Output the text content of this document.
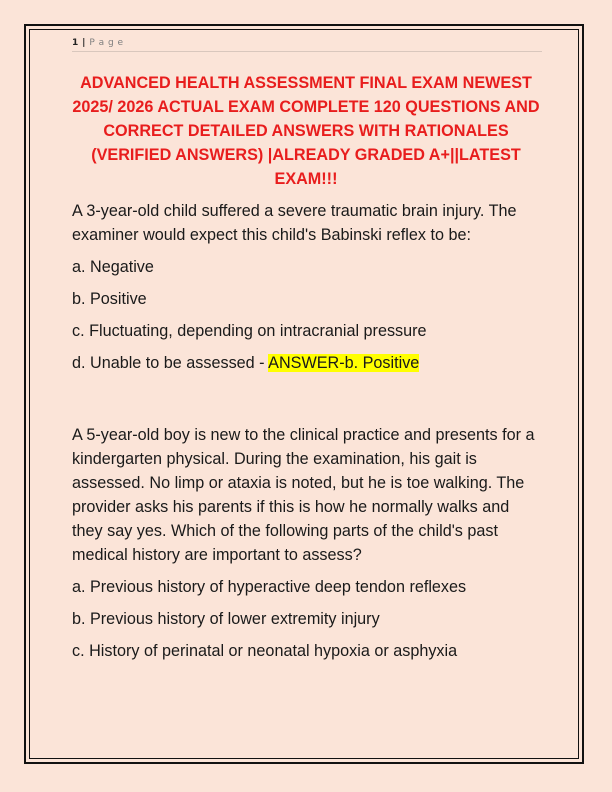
1 | P a g e
ADVANCED HEALTH ASSESSMENT FINAL EXAM NEWEST 2025/ 2026 ACTUAL EXAM COMPLETE 120 QUESTIONS AND CORRECT DETAILED ANSWERS WITH RATIONALES (VERIFIED ANSWERS) |ALREADY GRADED A+||LATEST EXAM!!!

A 3-year-old child suffered a severe traumatic brain injury. The examiner would expect this child's Babinski reflex to be:

a. Negative

b. Positive

c. Fluctuating, depending on intracranial pressure

d. Unable to be assessed - ANSWER-b. Positive

A 5-year-old boy is new to the clinical practice and presents for a kindergarten physical. During the examination, his gait is assessed. No limp or ataxia is noted, but he is toe walking. The provider asks his parents if this is how he normally walks and they say yes. Which of the following parts of the child's past medical history are important to assess?

a. Previous history of hyperactive deep tendon reflexes

b. Previous history of lower extremity injury

c. History of perinatal or neonatal hypoxia or asphyxia
